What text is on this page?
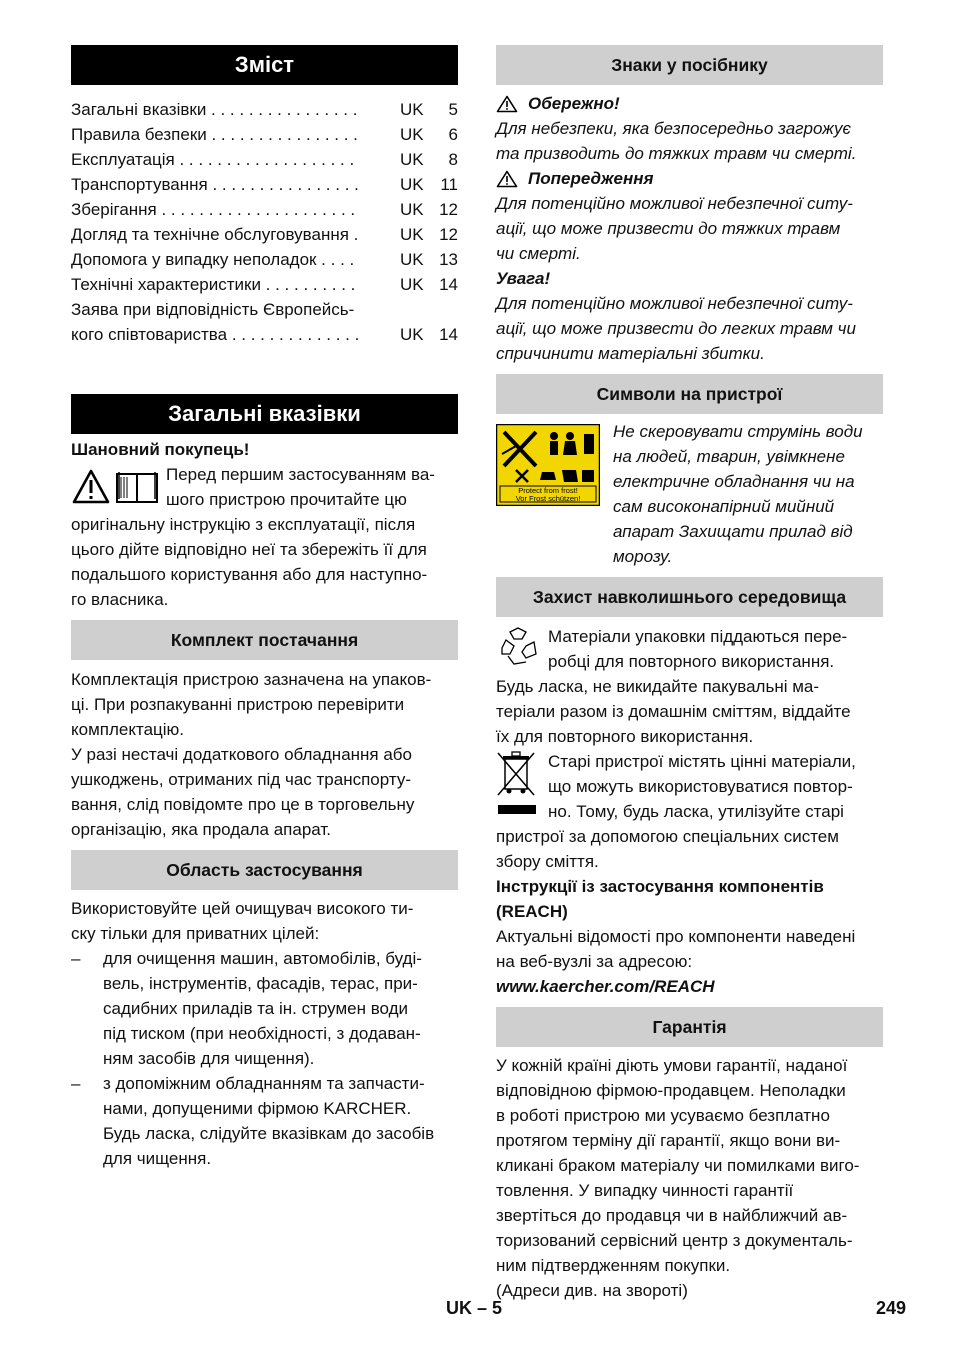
Зміст
Загальні вказівки . . . . . . . . . . . . . . . .	UK	5
Правила безпеки . . . . . . . . . . . . . . . .	UK	6
Експлуатація . . . . . . . . . . . . . . . . . . .	UK	8
Транспортування . . . . . . . . . . . . . . . .	UK 11
Зберігання . . . . . . . . . . . . . . . . . . . . .	UK 12
Догляд та технічне обслуговування .	UK 12
Допомога у випадку неполадок . . . .	UK 13
Технічні характеристики . . . . . . . . . .	UK 14
Заява при відповідність Європейсь-
кого співтовариства . . . . . . . . . . . . . .	UK 14
Загальні вказівки

Шановний покупець!

Перед першим застосуванням ва-

шого пристрою прочитайте цю

оригінальну інструкцію з експлуатації, після

цього дійте відповідно неї та збережіть її для

подальшого користування або для наступно-

го власника.

Комплект постачання

Комплектація пристрою зазначена на упаков-

ці. При розпакуванні пристрою перевірити

комплектацію.

У разі нестачі додаткового обладнання або

ушкоджень, отриманих під час транспорту-

вання, слід повідомте про це в торговельну

організацію, яка продала апарат.

Область застосування

Використовуйте цей очищувач високого ти-

ску тільки для приватних цілей:

– для очищення машин, автомобілів, буді-
вель, інструментів, фасадів, терас, при-
садибних приладів та ін. струмен води
під тиском (при необхідності, з додаван-
ням засобів для чищення).
– з допоміжним обладнанням та запчасти-
нами, допущеними фірмою KARCHER.
Будь ласка, слідуйте вказівкам до засобів
для чищення.
Знаки у посібнику
Обережно!

Для небезпеки, яка безпосередньо загрожує

та призводить до тяжких травм чи смерті.

Попередження

Для потенційно можливої небезпечної ситу-

ації, що може призвести до тяжких травм

чи смерті.

Увага!

Для потенційно можливої небезпечної ситу-

ації, що може призвести до легких травм чи

спричинити матеріальні збитки.

Символи на пристрої
Protect from frost!
Vor Frost schützen!

Не скеровувати струмінь води

на людей, тварин, увімкнене

електричне обладнання чи на

сам високонапірний мийний

апарат Захищати прилад від

морозу.

Захист навколишнього середовища

Матеріали упаковки піддаються пере-

робці для повторного використання.

Будь ласка, не викидайте пакувальні ма-

теріали разом із домашнім сміттям, віддайте

їх для повторного використання.

Старі пристрої містять цінні матеріали,

що можуть використовуватися повтор-

но. Тому, будь ласка, утилізуйте старі

пристрої за допомогою спеціальних систем

збору сміття.

Інструкції із застосування компонентів

(REACH)

Актуальні відомості про компоненти наведені

на веб-вузлі за адресою:

www.kaercher.com/REACH

Гарантія

У кожній країні діють умови гарантії, наданої

відповідною фірмою-продавцем. Неполадки

в роботі пристрою ми усуваємо безплатно

протягом терміну дії гарантії, якщо вони ви-

кликані браком матеріалу чи помилками виго-

товлення. У випадку чинності гарантії

звертіться до продавця чи в найближчий ав-

торизований сервісний центр з документаль-

ним підтвердженням покупки.

(Адреси див. на звороті)

UK – 5	249
